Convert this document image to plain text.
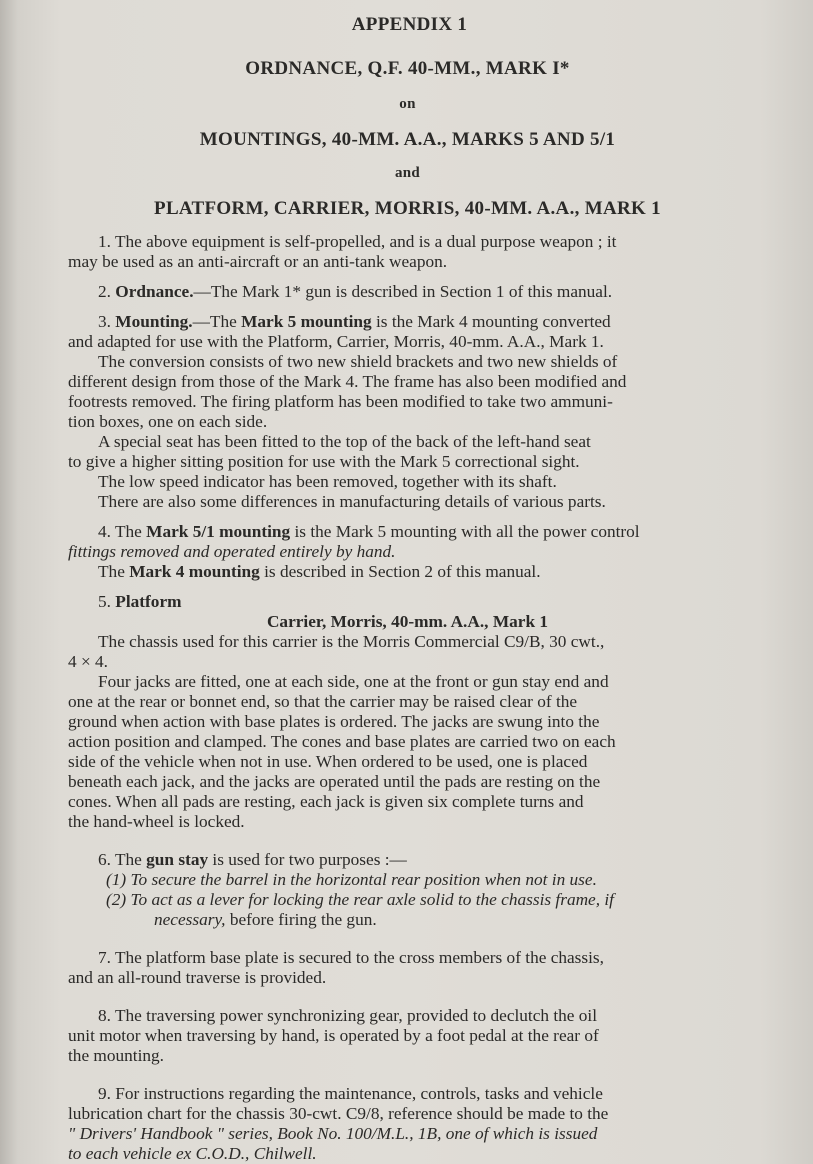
APPENDIX 1
ORDNANCE, Q.F. 40-MM., MARK I*
on
MOUNTINGS, 40-MM. A.A., MARKS 5 AND 5/1
and
PLATFORM, CARRIER, MORRIS, 40-MM. A.A., MARK 1

1. The above equipment is self-propelled, and is a dual purpose weapon ; it

may be used as an anti-aircraft or an anti-tank weapon.

2. Ordnance.—The Mark 1* gun is described in Section 1 of this manual.

3. Mounting.—The Mark 5 mounting is the Mark 4 mounting converted

and adapted for use with the Platform, Carrier, Morris, 40-mm. A.A., Mark 1.

The conversion consists of two new shield brackets and two new shields of

different design from those of the Mark 4. The frame has also been modified and

footrests removed. The firing platform has been modified to take two ammuni-

tion boxes, one on each side.

A special seat has been fitted to the top of the back of the left-hand seat

to give a higher sitting position for use with the Mark 5 correctional sight.

The low speed indicator has been removed, together with its shaft.

There are also some differences in manufacturing details of various parts.

4. The Mark 5/1 mounting is the Mark 5 mounting with all the power control

fittings removed and operated entirely by hand.

The Mark 4 mounting is described in Section 2 of this manual.

5. Platform

Carrier, Morris, 40-mm. A.A., Mark 1

The chassis used for this carrier is the Morris Commercial C9/B, 30 cwt.,

4 × 4.

Four jacks are fitted, one at each side, one at the front or gun stay end and

one at the rear or bonnet end, so that the carrier may be raised clear of the

ground when action with base plates is ordered. The jacks are swung into the

action position and clamped. The cones and base plates are carried two on each

side of the vehicle when not in use. When ordered to be used, one is placed

beneath each jack, and the jacks are operated until the pads are resting on the

cones. When all pads are resting, each jack is given six complete turns and

the hand-wheel is locked.

6. The gun stay is used for two purposes :—

(1) To secure the barrel in the horizontal rear position when not in use.

(2) To act as a lever for locking the rear axle solid to the chassis frame, if

necessary, before firing the gun.

7. The platform base plate is secured to the cross members of the chassis,

and an all-round traverse is provided.

8. The traversing power synchronizing gear, provided to declutch the oil

unit motor when traversing by hand, is operated by a foot pedal at the rear of

the mounting.

9. For instructions regarding the maintenance, controls, tasks and vehicle

lubrication chart for the chassis 30-cwt. C9/8, reference should be made to the

" Drivers' Handbook " series, Book No. 100/M.L., 1B, one of which is issued

to each vehicle ex C.O.D., Chilwell.
